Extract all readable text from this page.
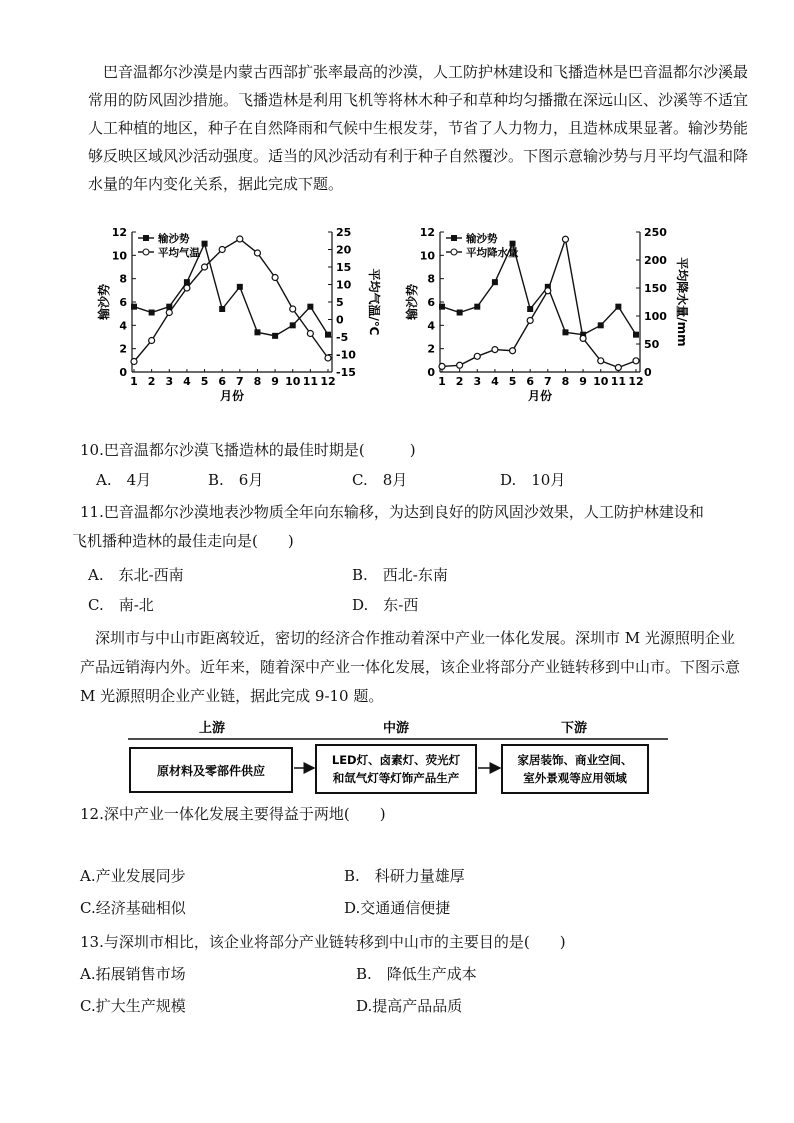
巴音温都尔沙漠是内蒙古西部扩张率最高的沙漠，人工防护林建设和飞播造林是巴音温都尔沙溪最常用的防风固沙措施。飞播造林是利用飞机等将林木种子和草种均匀播撒在深远山区、沙溪等不适宜人工种植的地区，种子在自然降雨和气候中生根发芽，节省了人力物力，且造林成果显著。输沙势能够反映区域风沙活动强度。适当的风沙活动有利于种子自然覆沙。下图示意输沙势与月平均气温和降水量的年内变化关系，据此完成下题。

0
2
4
6
8
10
12
-15
-10
-5
0
5
10
15
20
25
1 2 3 4 5 6 7 8 9 10 11 12
月份
输沙势	平均气温/℃
输沙势
平均气温
0
2
4
6
8
10
12
0
50
100
150
200
250
1 2 3 4 5 6 7 8 9 10 11 12
月份
输沙势	平均降水量/mm
输沙势
平均降水量

10.巴音温都尔沙漠飞播造林的最佳时期是(　　　)

A.　4月	B.　6月	C.　8月	D.　10月

11.巴音温都尔沙漠地表沙物质全年向东输移，为达到良好的防风固沙效果，人工防护林建设和

飞机播种造林的最佳走向是(　　)

A.　东北-西南	B.　西北-东南
C.　南-北	D.　东-西

深圳市与中山市距离较近，密切的经济合作推动着深中产业一体化发展。深圳市 M 光源照明企业产品远销海内外。近年来，随着深中产业一体化发展，该企业将部分产业链转移到中山市。下图示意 M 光源照明企业产业链，据此完成 9-10 题。

上游	中游	下游
原材料及零部件供应
LED灯、卤素灯、荧光灯
和氙气灯等灯饰产品生产
家居装饰、商业空间、
室外景观等应用领域

12.深中产业一体化发展主要得益于两地(　　)

A.产业发展同步	B.　科研力量雄厚
C.经济基础相似	D.交通通信便捷

13.与深圳市相比，该企业将部分产业链转移到中山市的主要目的是(　　)

A.拓展销售市场	B.　降低生产成本
C.扩大生产规模	D.提高产品品质
